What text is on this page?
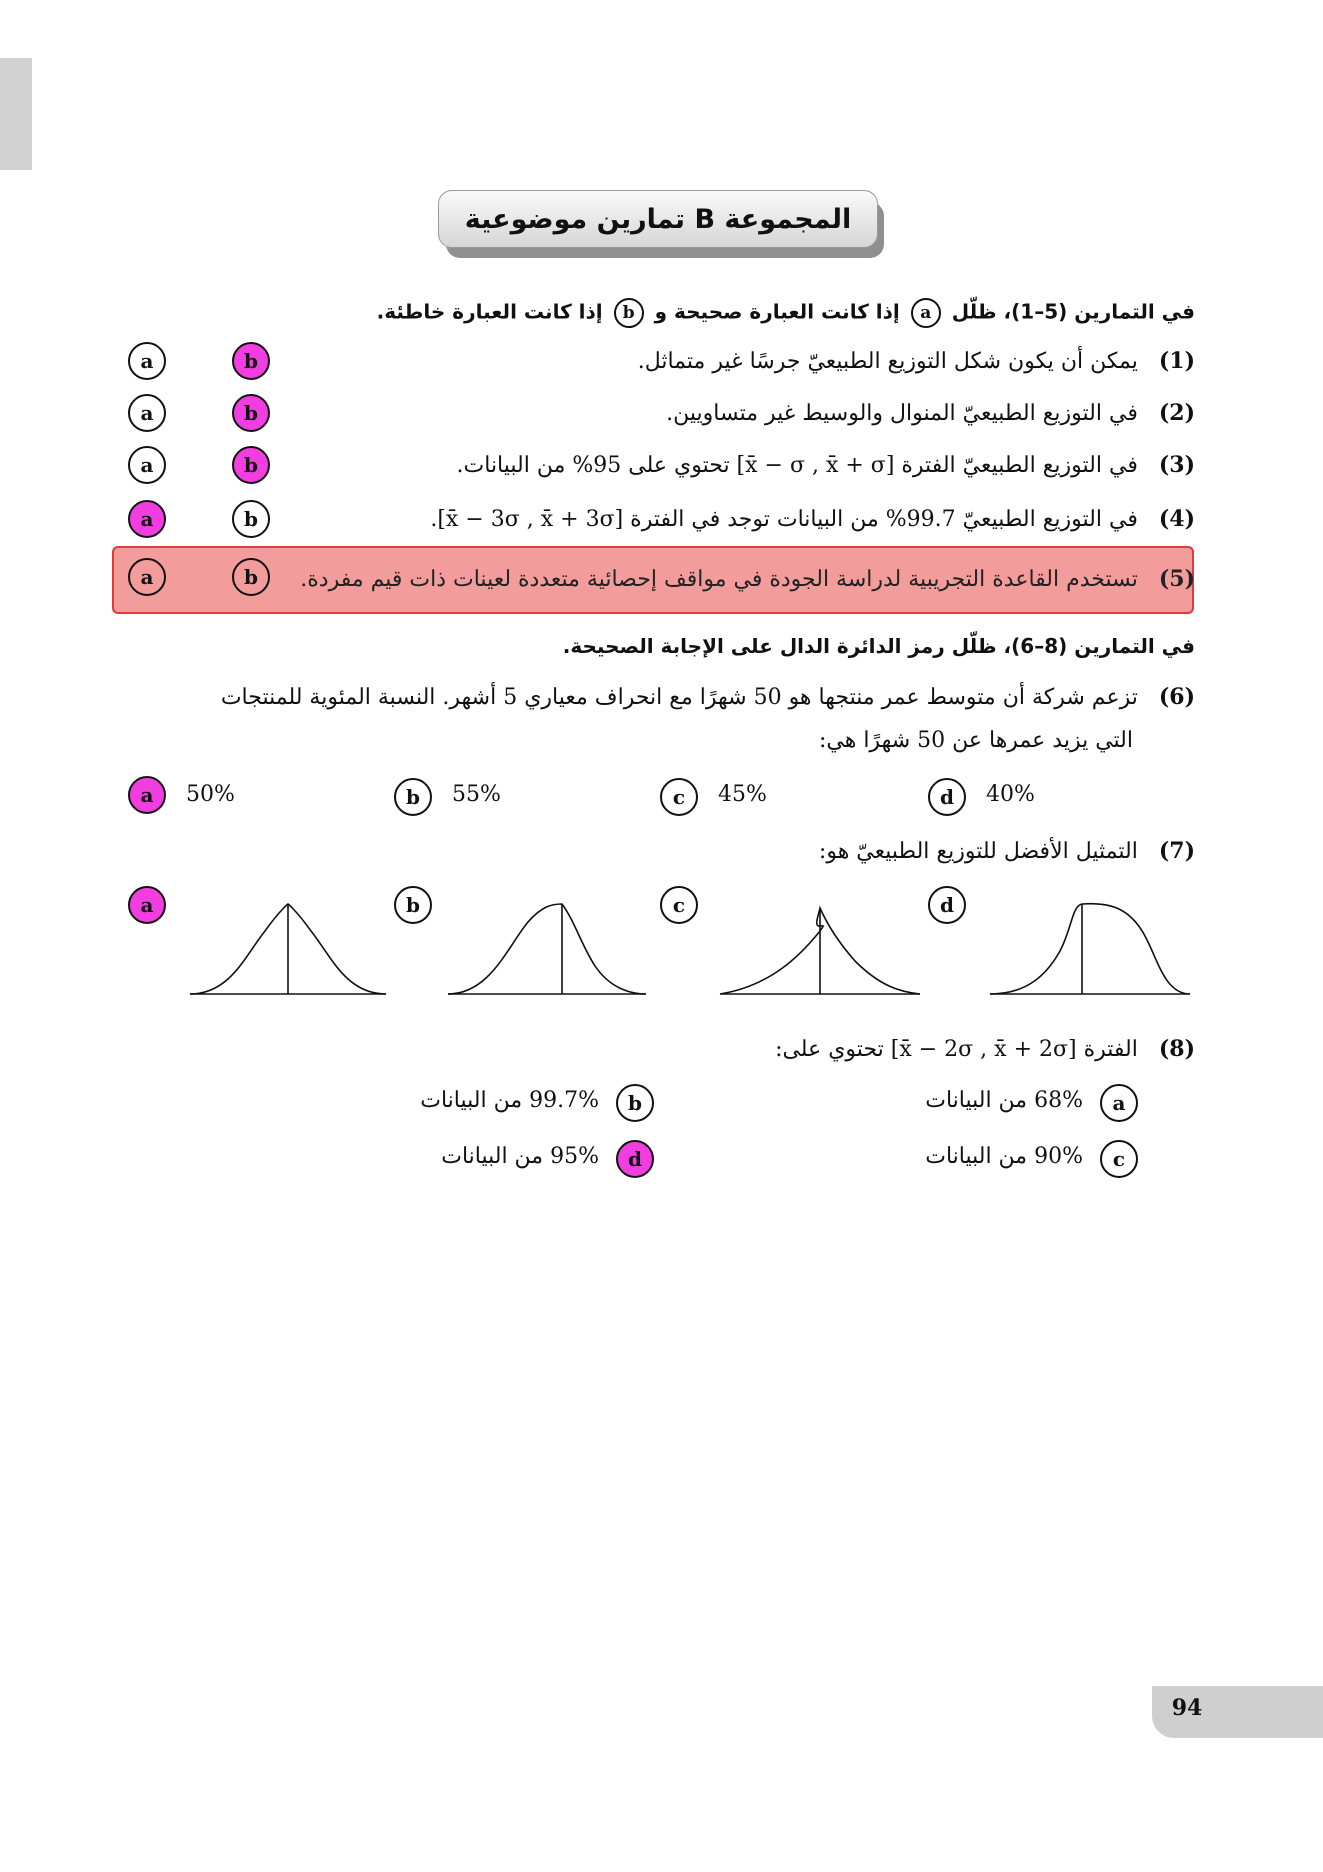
المجموعة B تمارين موضوعية
في التمارين (5–1)، ظلّل a إذا كانت العبارة صحيحة و b إذا كانت العبارة خاطئة.
(1) يمكن أن يكون شكل التوزيع الطبيعيّ جرسًا غير متماثل.
a	b
(2) في التوزيع الطبيعيّ المنوال والوسيط غير متساويين.
a	b
(3) في التوزيع الطبيعيّ الفترة [x̄ − σ , x̄ + σ] تحتوي على 95% من البيانات.
a	b
(4) في التوزيع الطبيعيّ 99.7% من البيانات توجد في الفترة [x̄ − 3σ , x̄ + 3σ].
a	b
(5) تستخدم القاعدة التجريبية لدراسة الجودة في مواقف إحصائية متعددة لعينات ذات قيم مفردة.
a	b
في التمارين (8–6)، ظلّل رمز الدائرة الدال على الإجابة الصحيحة.
(6) تزعم شركة أن متوسط عمر منتجها هو 50 شهرًا مع انحراف معياري 5 أشهر. النسبة المئوية للمنتجات
التي يزيد عمرها عن 50 شهرًا هي:
a	50%	b	55%	c	45%	d	40%
(7) التمثيل الأفضل للتوزيع الطبيعيّ هو:
a	b	c	d
(8) الفترة [x̄ − 2σ , x̄ + 2σ] تحتوي على:
a
68% من البيانات
b
99.7% من البيانات
c
90% من البيانات
d
95% من البيانات
94
